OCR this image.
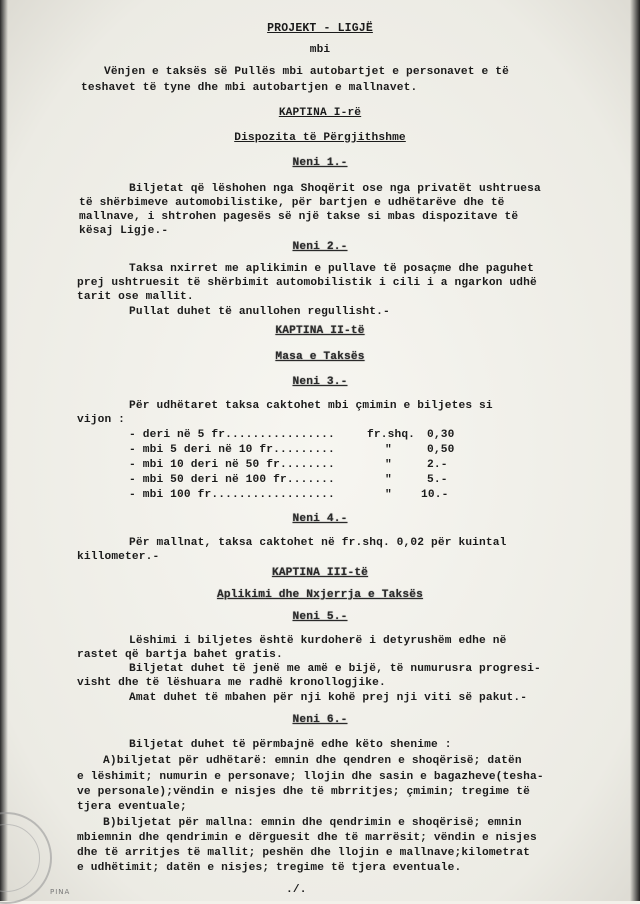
PROJEKT - LIGJË
mbi
Vënjen e taksës së Pullës mbi autobartjet e personavet e të
teshavet të tyne dhe mbi autobartjen e mallnavet.
KAPTINA I-rë
Dispozita të Përgjithshme
Neni 1.-
Biljetat që lëshohen nga Shoqërit ose nga privatët ushtruesa
të shërbimeve automobilistike, për bartjen e udhëtarëve dhe të
mallnave, i shtrohen pagesës së një takse si mbas dispozitave të
kësaj Ligje.-
Neni 2.-
Taksa nxirret me aplikimin e pullave të posaçme dhe paguhet
prej ushtruesit të shërbimit automobilistik i cili i a ngarkon udhë
tarit ose mallit.
Pullat duhet të anullohen regullisht.-
KAPTINA II-të
Masa e Taksës
Neni 3.-
Për udhëtaret taksa caktohet mbi çmimin e biljetes si
vijon :
- deri në 5 fr................	fr.shq. 0,30
- mbi 5 deri në 10 fr.........	"	0,50
- mbi 10 deri në 50 fr........	"	2.-
- mbi 50 deri në 100 fr.......	"	5.-
- mbi 100 fr..................	"	10.-
Neni 4.-
Për mallnat, taksa caktohet në fr.shq. 0,02 për kuintal
killometer.-
KAPTINA III-të
Aplikimi dhe Nxjerrja e Taksës
Neni 5.-
Lëshimi i biljetes është kurdoherë i detyrushëm edhe në
rastet që bartja bahet gratis.
Biljetat duhet të jenë me amë e bijë, të numurusra progresi-
visht dhe të lëshuara me radhë kronollogjike.
Amat duhet të mbahen për nji kohë prej nji viti së pakut.-
Neni 6.-
Biljetat duhet të përmbajnë edhe këto shenime :
A)biljetat për udhëtarë: emnin dhe qendren e shoqërisë; datën
e lëshimit; numurin e personave; llojin dhe sasin e bagazheve(tesha-
ve personale);vëndin e nisjes dhe të mbrritjes; çmimin; tregime të
tjera eventuale;
B)biljetat për mallna: emnin dhe qendrimin e shoqërisë; emnin
mbiemnin dhe qendrimin e dërguesit dhe të marrësit; vëndin e nisjes
dhe të arritjes të mallit; peshën dhe llojin e mallnave;kilometrat
e udhëtimit; datën e nisjes; tregime të tjera eventuale.
./.
PINA
